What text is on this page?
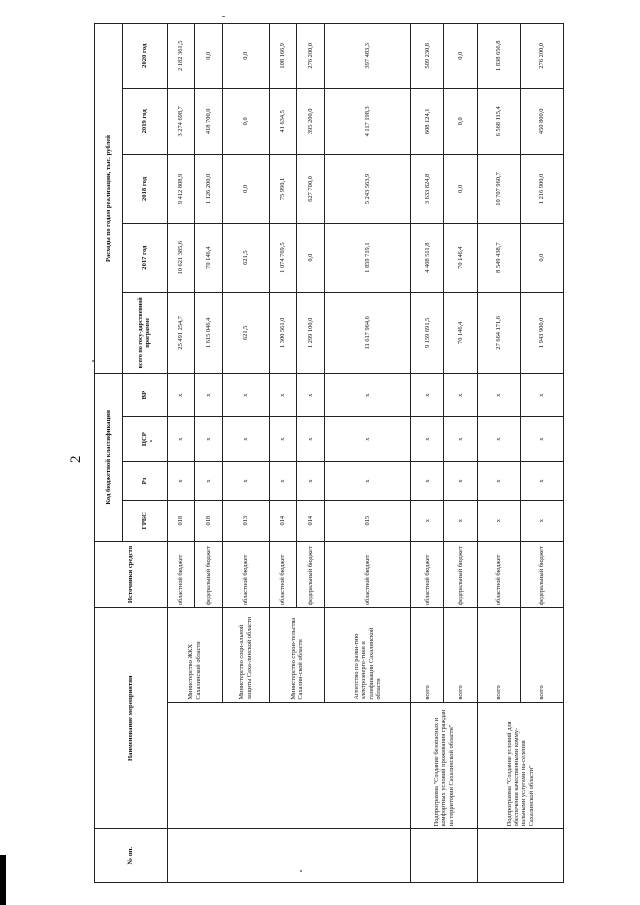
2
№ пп.	Наименование мероприятия		Источники средств	Код бюджетной классификации				Расходы по годам реализации, тыс. рублей				
				ГРБС	Рз	ЦСР	ВР	всего по госу-дарственной программе	2017 год	2018 год	2019 год	2020 год
		Министерство ЖКХ Сахалинской области	областной бюджет	018	х	х	х	25 491 254,7	10 621 385,6	9 412 808,9	3 274 698,7	2 182 361,5
			федеральный бюджет	018	х	х	х	1 615 046,4	70 146,4	1 126 200,0	418 700,0	0,0
		Министерство соци-альной защиты Саха-линской области	областной бюджет	013	х	х	х	621,5	621,5	0,0	0,0	0,0
		Министерство строи-тельства Сахалин-ской области	областной бюджет	014	х	х	х	1 300 561,0	1 074 769,5	75 990,1	41 634,5	108 166,9
			федеральный бюджет	014	х	х	х	1 299 100,0	0,0	627 700,0	395 200,0	276 200,0
		Агентство по разви-тию электроэнерге-тики и газификации Сахалинской области	областной бюджет	015	х	х	х	11 617 964,6	1 859 719,1	5 243 563,9	4 117 198,3	397 483,3
	Подпрограмма "Создание безопасных и комфортных условий проживания граждан на территории Сахалинской области"	всего	областной бюджет	х	х	х	х	9 159 691,5	4 408 511,8	3 633 824,8	608 124,1	509 230,8
		всего	федеральный бюджет	х	х	х	х	70 146,4	70 146,4	0,0	0,0	0,0
	Подпрограмма "Создание условий для обеспечения качественными комму-нальными услугами на-селения Сахалинской области"	всего	областной бюджет	х	х	х	х	27 664 171,6	8 549 438,7	10 707 960,7	6 568 115,4	1 838 656,8
		всего	федеральный бюджет	х	х	х	х	1 943 900,0	0,0	1 216 900,0	450 800,0	276 200,0
